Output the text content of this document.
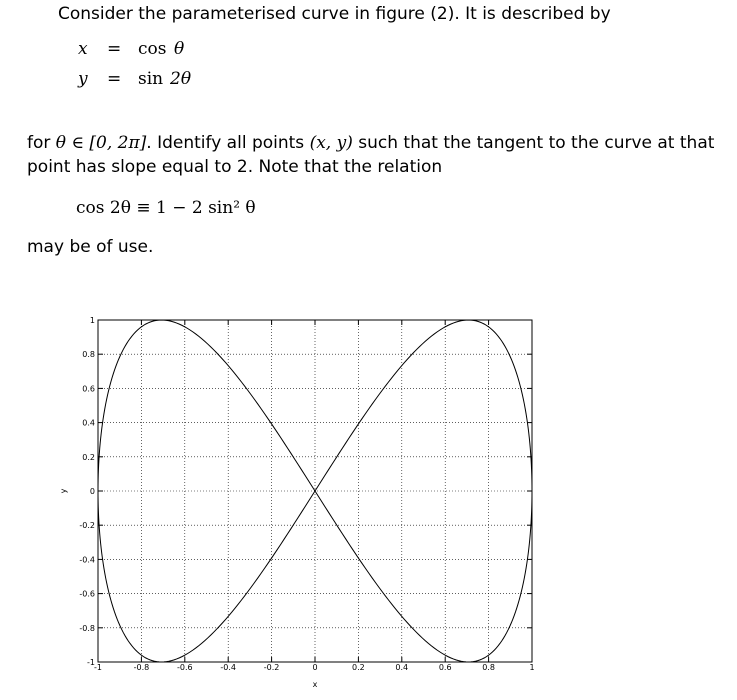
Consider the parameterised curve in figure (2). It is described by

x = cos θ
y = sin 2θ

for θ ∈ [0, 2π]. Identify all points (x, y) such that the tangent to the curve at that

point has slope equal to 2. Note that the relation

cos 2θ ≡ 1 − 2 sin² θ

may be of use.

-1	-0.8	-0.6	-0.4	-0.2	0	0.2	0.4	0.6	0.8	1
1
0.8
0.6
0.4
0.2
0
-0.2
-0.4
-0.6
-0.8
-1
x
y
